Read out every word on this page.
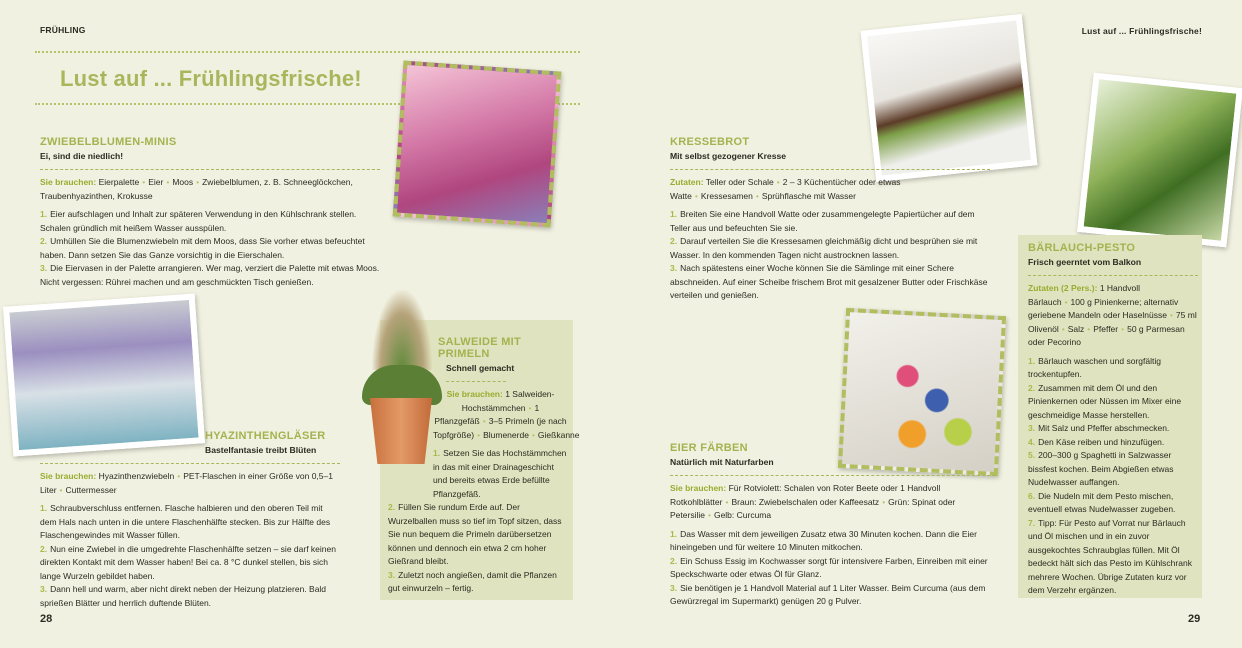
FRÜHLING	Lust auf ... Frühlingsfrische!
Lust auf ... Frühlingsfrische!
ZWIEBELBLUMEN-MINIS
Ei, sind die niedlich!
Sie brauchen: Eierpalette • Eier • Moos • Zwiebelblumen, z. B. Schneeglöckchen, Traubenhyazinthen, Krokusse
1. Eier aufschlagen und Inhalt zur späteren Verwendung in den Kühlschrank stellen. Schalen gründlich mit heißem Wasser ausspülen.
2. Umhüllen Sie die Blumenzwiebeln mit dem Moos, dass Sie vorher etwas befeuchtet haben. Dann setzen Sie das Ganze vorsichtig in die Eierschalen.
3. Die Eiervasen in der Palette arrangieren. Wer mag, verziert die Palette mit etwas Moos. Nicht vergessen: Rührei machen und am geschmückten Tisch genießen.
HYAZINTHENGLÄSER
Bastelfantasie treibt Blüten
Sie brauchen: Hyazinthenzwiebeln • PET-Flaschen in einer Größe von 0,5–1 Liter • Cuttermesser
1. Schraubverschluss entfernen. Flasche halbieren und den oberen Teil mit dem Hals nach unten in die untere Flaschenhälfte stecken. Bis zur Hälfte des Flaschengewindes mit Wasser füllen.
2. Nun eine Zwiebel in die umgedrehte Flaschenhälfte setzen – sie darf keinen direkten Kontakt mit dem Wasser haben! Bei ca. 8 °C dunkel stellen, bis sich lange Wurzeln gebildet haben.
3. Dann hell und warm, aber nicht direkt neben der Heizung platzieren. Bald sprießen Blätter und herrlich duftende Blüten.
SALWEIDE MIT PRIMELN
Schnell gemacht
Sie brauchen: 1 Salweiden-Hochstämmchen • 1 Pflanzgefäß • 3–5 Primeln (je nach Topfgröße) • Blumenerde • Gießkanne
1. Setzen Sie das Hochstämmchen in das mit einer Drainageschicht und bereits etwas Erde befüllte Pflanzgefäß.
2. Füllen Sie rundum Erde auf. Der Wurzelballen muss so tief im Topf sitzen, dass Sie nun bequem die Primeln darübersetzen können und dennoch ein etwa 2 cm hoher Gießrand bleibt.
3. Zuletzt noch angießen, damit die Pflanzen gut einwurzeln – fertig.
KRESSEBROT
Mit selbst gezogener Kresse
Zutaten: Teller oder Schale • 2 – 3 Küchentücher oder etwas Watte • Kressesamen • Sprühflasche mit Wasser
1. Breiten Sie eine Handvoll Watte oder zusammengelegte Papiertücher auf dem Teller aus und befeuchten Sie sie.
2. Darauf verteilen Sie die Kressesamen gleichmäßig dicht und besprühen sie mit Wasser. In den kommenden Tagen nicht austrocknen lassen.
3. Nach spätestens einer Woche können Sie die Sämlinge mit einer Schere abschneiden. Auf einer Scheibe frischem Brot mit gesalzener Butter oder Frischkäse verteilen und genießen.
EIER FÄRBEN
Natürlich mit Naturfarben
Sie brauchen: Für Rotviolett: Schalen von Roter Beete oder 1 Handvoll Rotkohlblätter • Braun: Zwiebelschalen oder Kaffeesatz • Grün: Spinat oder Petersilie • Gelb: Curcuma
1. Das Wasser mit dem jeweiligen Zusatz etwa 30 Minuten kochen. Dann die Eier hineingeben und für weitere 10 Minuten mitkochen.
2. Ein Schuss Essig im Kochwasser sorgt für intensivere Farben, Einreiben mit einer Speckschwarte oder etwas Öl für Glanz.
3. Sie benötigen je 1 Handvoll Material auf 1 Liter Wasser. Beim Curcuma (aus dem Gewürzregal im Supermarkt) genügen 20 g Pulver.
BÄRLAUCH-PESTO
Frisch geerntet vom Balkon
Zutaten (2 Pers.): 1 Handvoll Bärlauch • 100 g Pinienkerne; alternativ geriebene Mandeln oder Haselnüsse • 75 ml Olivenöl • Salz • Pfeffer • 50 g Parmesan oder Pecorino
1. Bärlauch waschen und sorgfältig trockentupfen.
2. Zusammen mit dem Öl und den Pinienkernen oder Nüssen im Mixer eine geschmeidige Masse herstellen.
3. Mit Salz und Pfeffer abschmecken.
4. Den Käse reiben und hinzufügen.
5. 200–300 g Spaghetti in Salzwasser bissfest kochen. Beim Abgießen etwas Nudelwasser auffangen.
6. Die Nudeln mit dem Pesto mischen, eventuell etwas Nudelwasser zugeben.
7. Tipp: Für Pesto auf Vorrat nur Bärlauch und Öl mischen und in ein zuvor ausgekochtes Schraubglas füllen. Mit Öl bedeckt hält sich das Pesto im Kühlschrank mehrere Wochen. Übrige Zutaten kurz vor dem Verzehr ergänzen.
28	29
